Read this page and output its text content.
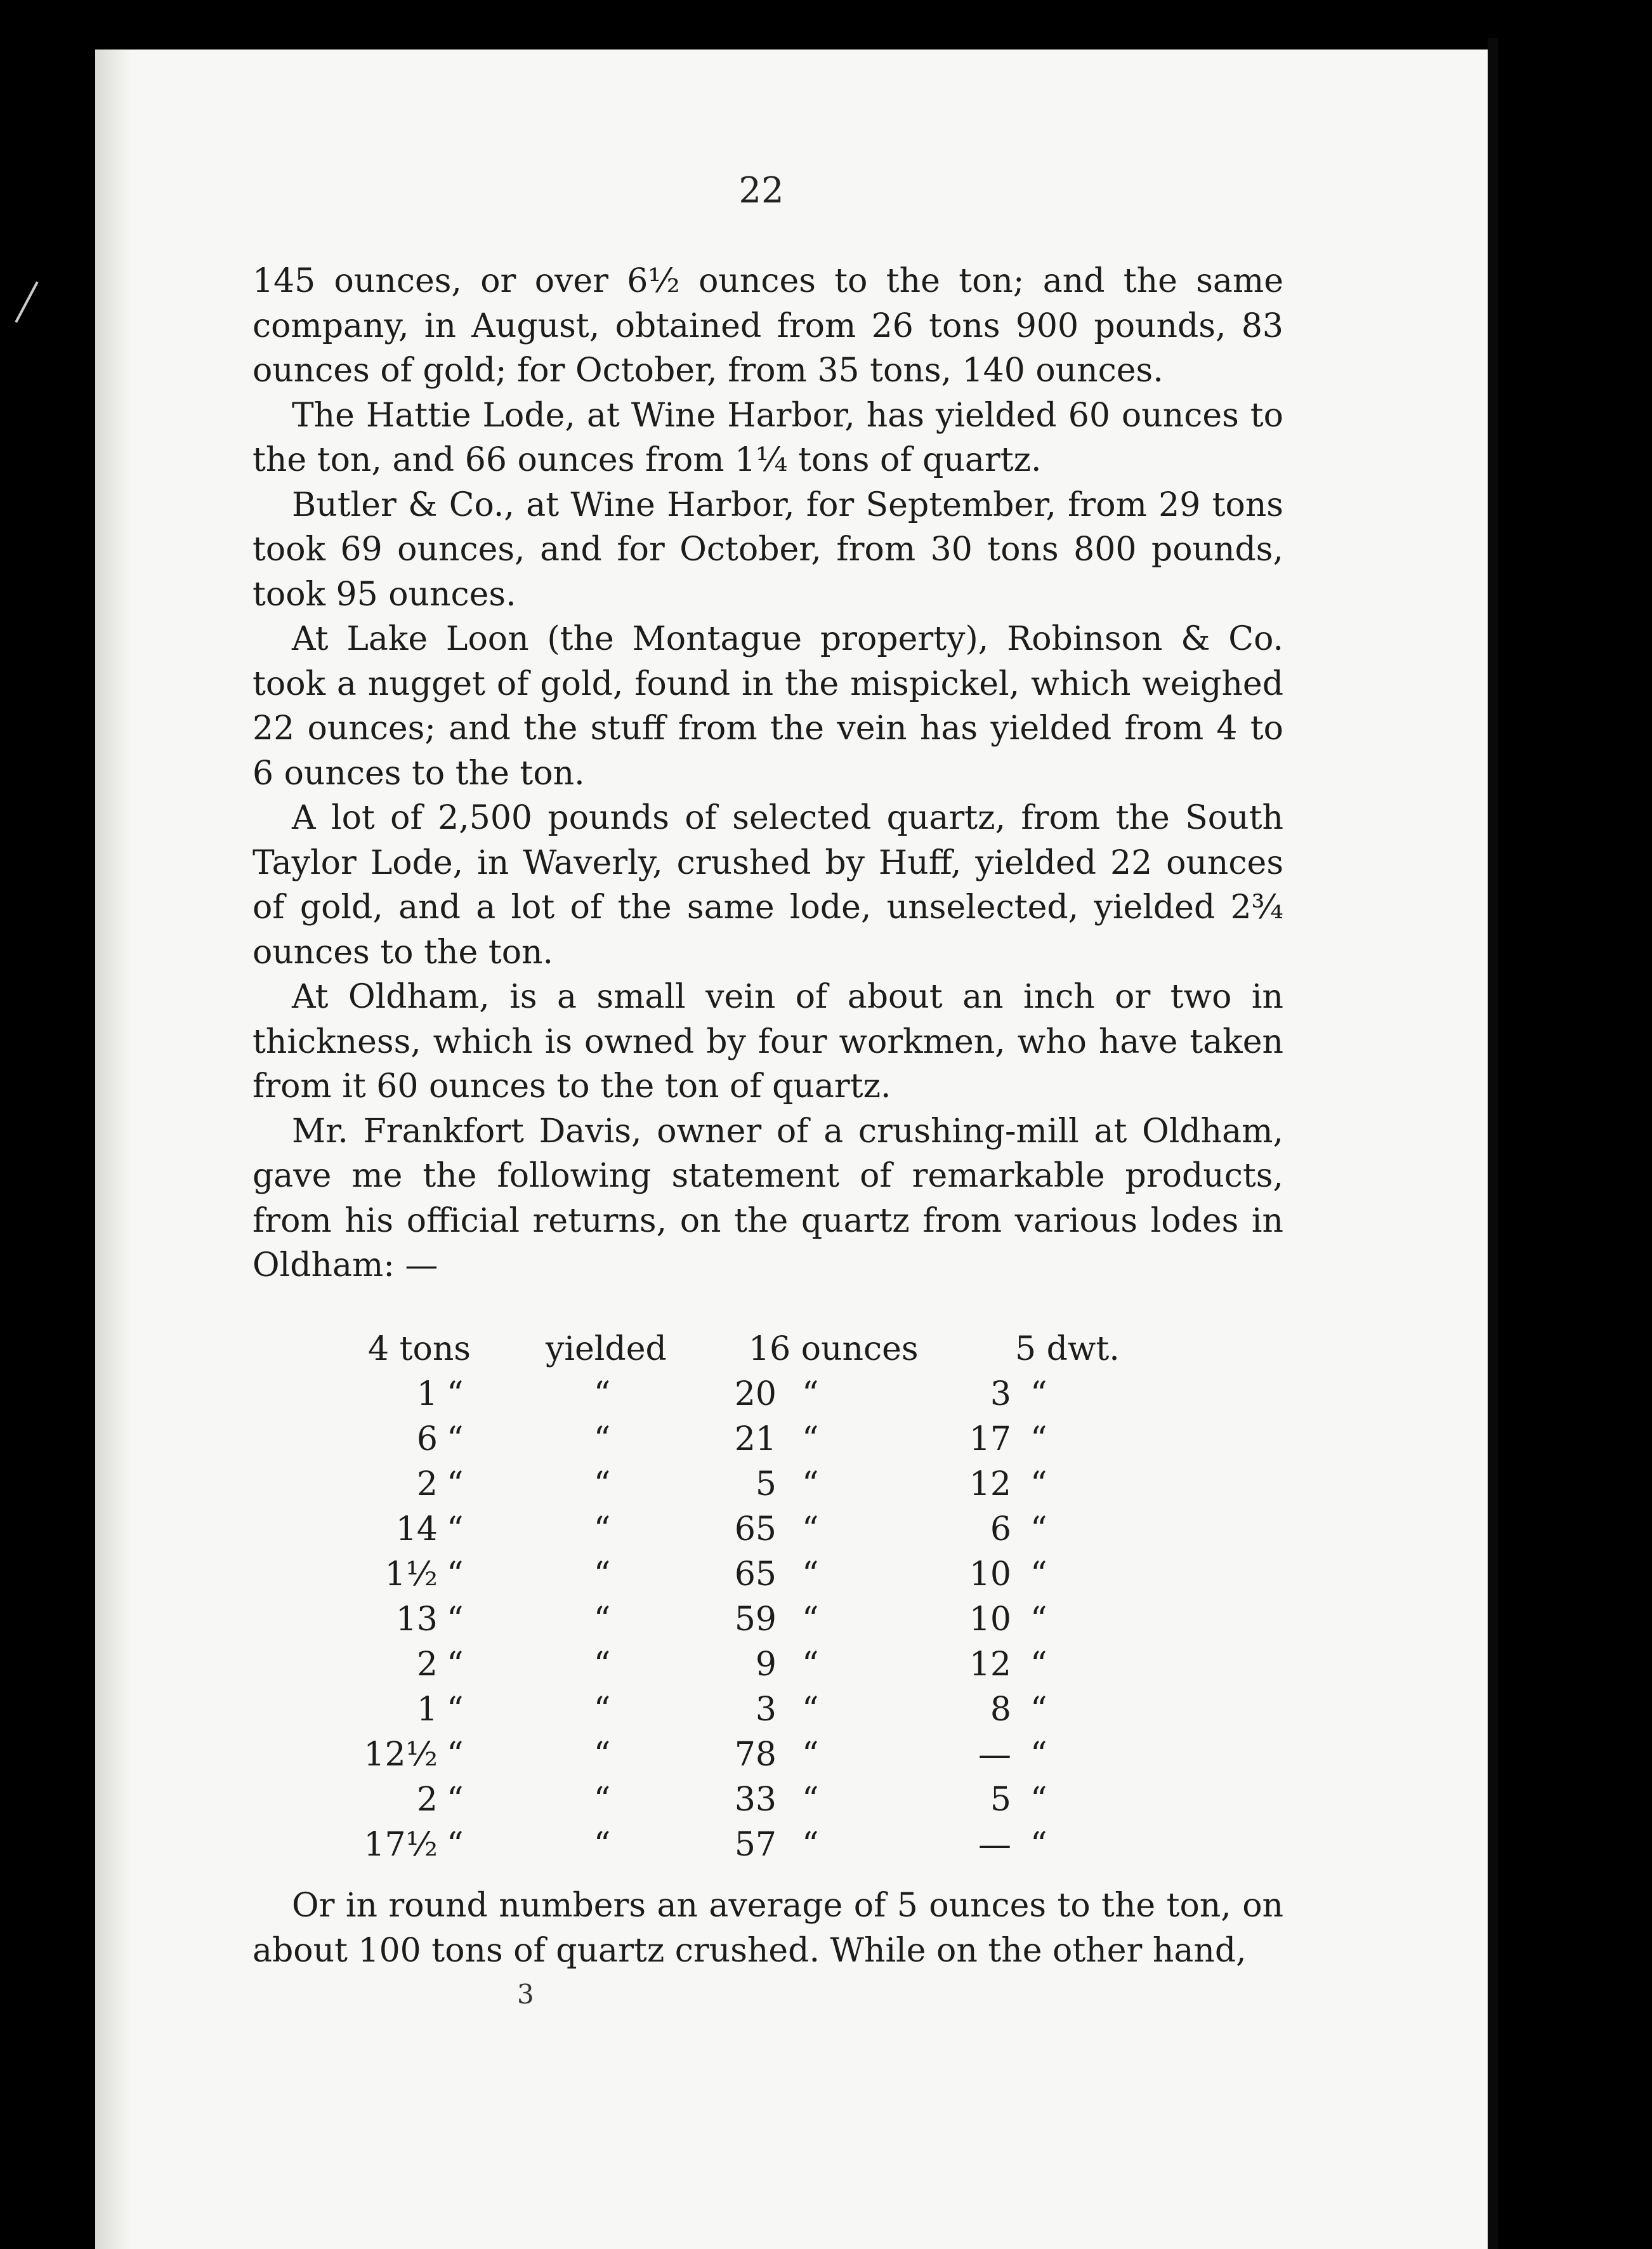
22

145 ounces, or over 6½ ounces to the ton; and the same company, in August, obtained from 26 tons 900 pounds, 83 ounces of gold; for October, from 35 tons, 140 ounces.

The Hattie Lode, at Wine Harbor, has yielded 60 ounces to the ton, and 66 ounces from 1¼ tons of quartz.

Butler & Co., at Wine Harbor, for September, from 29 tons took 69 ounces, and for October, from 30 tons 800 pounds, took 95 ounces.

At Lake Loon (the Montague property), Robinson & Co. took a nugget of gold, found in the mispickel, which weighed 22 ounces; and the stuff from the vein has yielded from 4 to 6 ounces to the ton.

A lot of 2,500 pounds of selected quartz, from the South Taylor Lode, in Waverly, crushed by Huff, yielded 22 ounces of gold, and a lot of the same lode, unselected, yielded 2¾ ounces to the ton.

At Oldham, is a small vein of about an inch or two in thickness, which is owned by four workmen, who have taken from it 60 ounces to the ton of quartz.

Mr. Frankfort Davis, owner of a crushing-mill at Oldham, gave me the following statement of remarkable products, from his official returns, on the quartz from various lodes in Oldham: —

4 tons	yielded	16 ounces	5 dwt.
1 “	“	20 “	3 “
6 “	“	21 “	17 “
2 “	“	5 “	12 “
14 “	“	65 “	6 “
1½ “	“	65 “	10 “
13 “	“	59 “	10 “
2 “	“	9 “	12 “
1 “	“	3 “	8 “
12½ “	“	78 “	— “
2 “	“	33 “	5 “
17½ “	“	57 “	— “

Or in round numbers an average of 5 ounces to the ton, on about 100 tons of quartz crushed. While on the other hand,

3
